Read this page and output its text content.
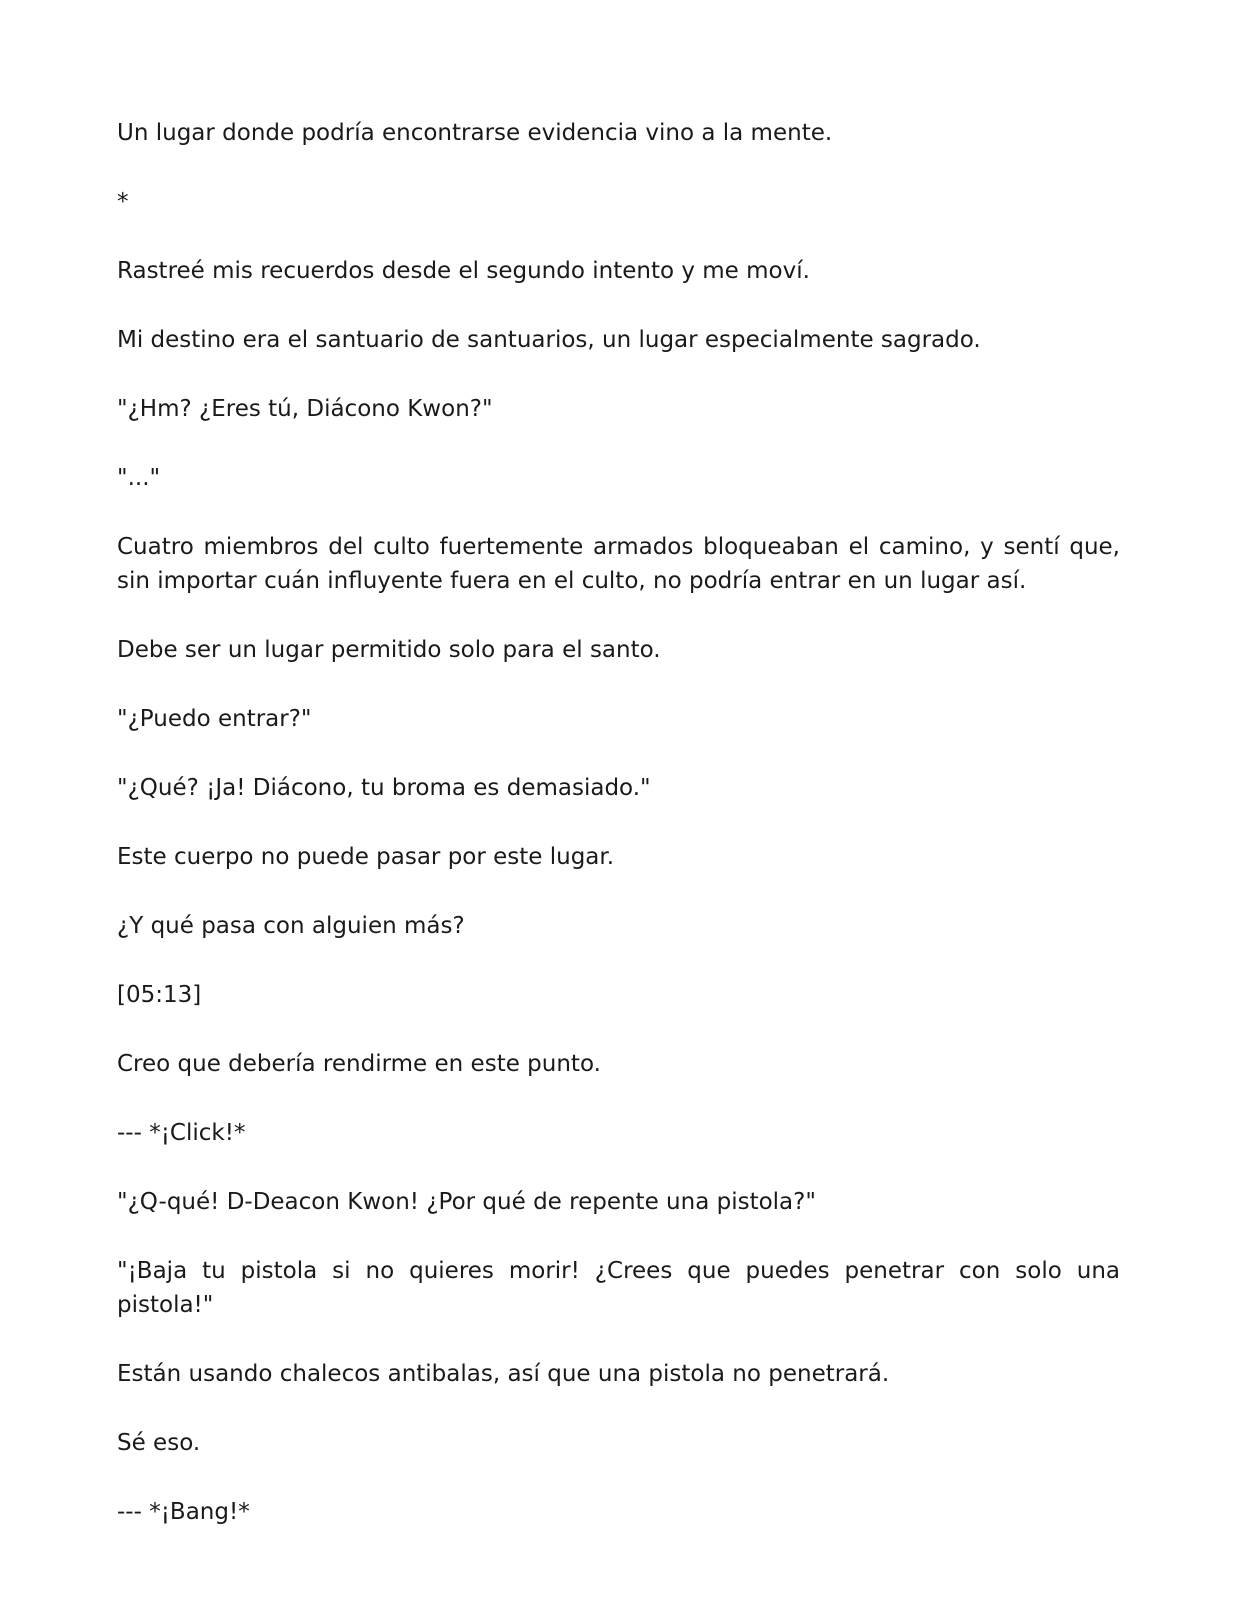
Un lugar donde podría encontrarse evidencia vino a la mente.

*

Rastreé mis recuerdos desde el segundo intento y me moví.

Mi destino era el santuario de santuarios, un lugar especialmente sagrado.

"¿Hm? ¿Eres tú, Diácono Kwon?"

"..."

Cuatro miembros del culto fuertemente armados bloqueaban el camino, y sentí que, sin importar cuán influyente fuera en el culto, no podría entrar en un lugar así.

Debe ser un lugar permitido solo para el santo.

"¿Puedo entrar?"

"¿Qué? ¡Ja! Diácono, tu broma es demasiado."

Este cuerpo no puede pasar por este lugar.

¿Y qué pasa con alguien más?

[05:13]

Creo que debería rendirme en este punto.

--- *¡Click!*

"¿Q-qué! D-Deacon Kwon! ¿Por qué de repente una pistola?"

"¡Baja tu pistola si no quieres morir! ¿Crees que puedes penetrar con solo una pistola!"

Están usando chalecos antibalas, así que una pistola no penetrará.

Sé eso.

--- *¡Bang!*
